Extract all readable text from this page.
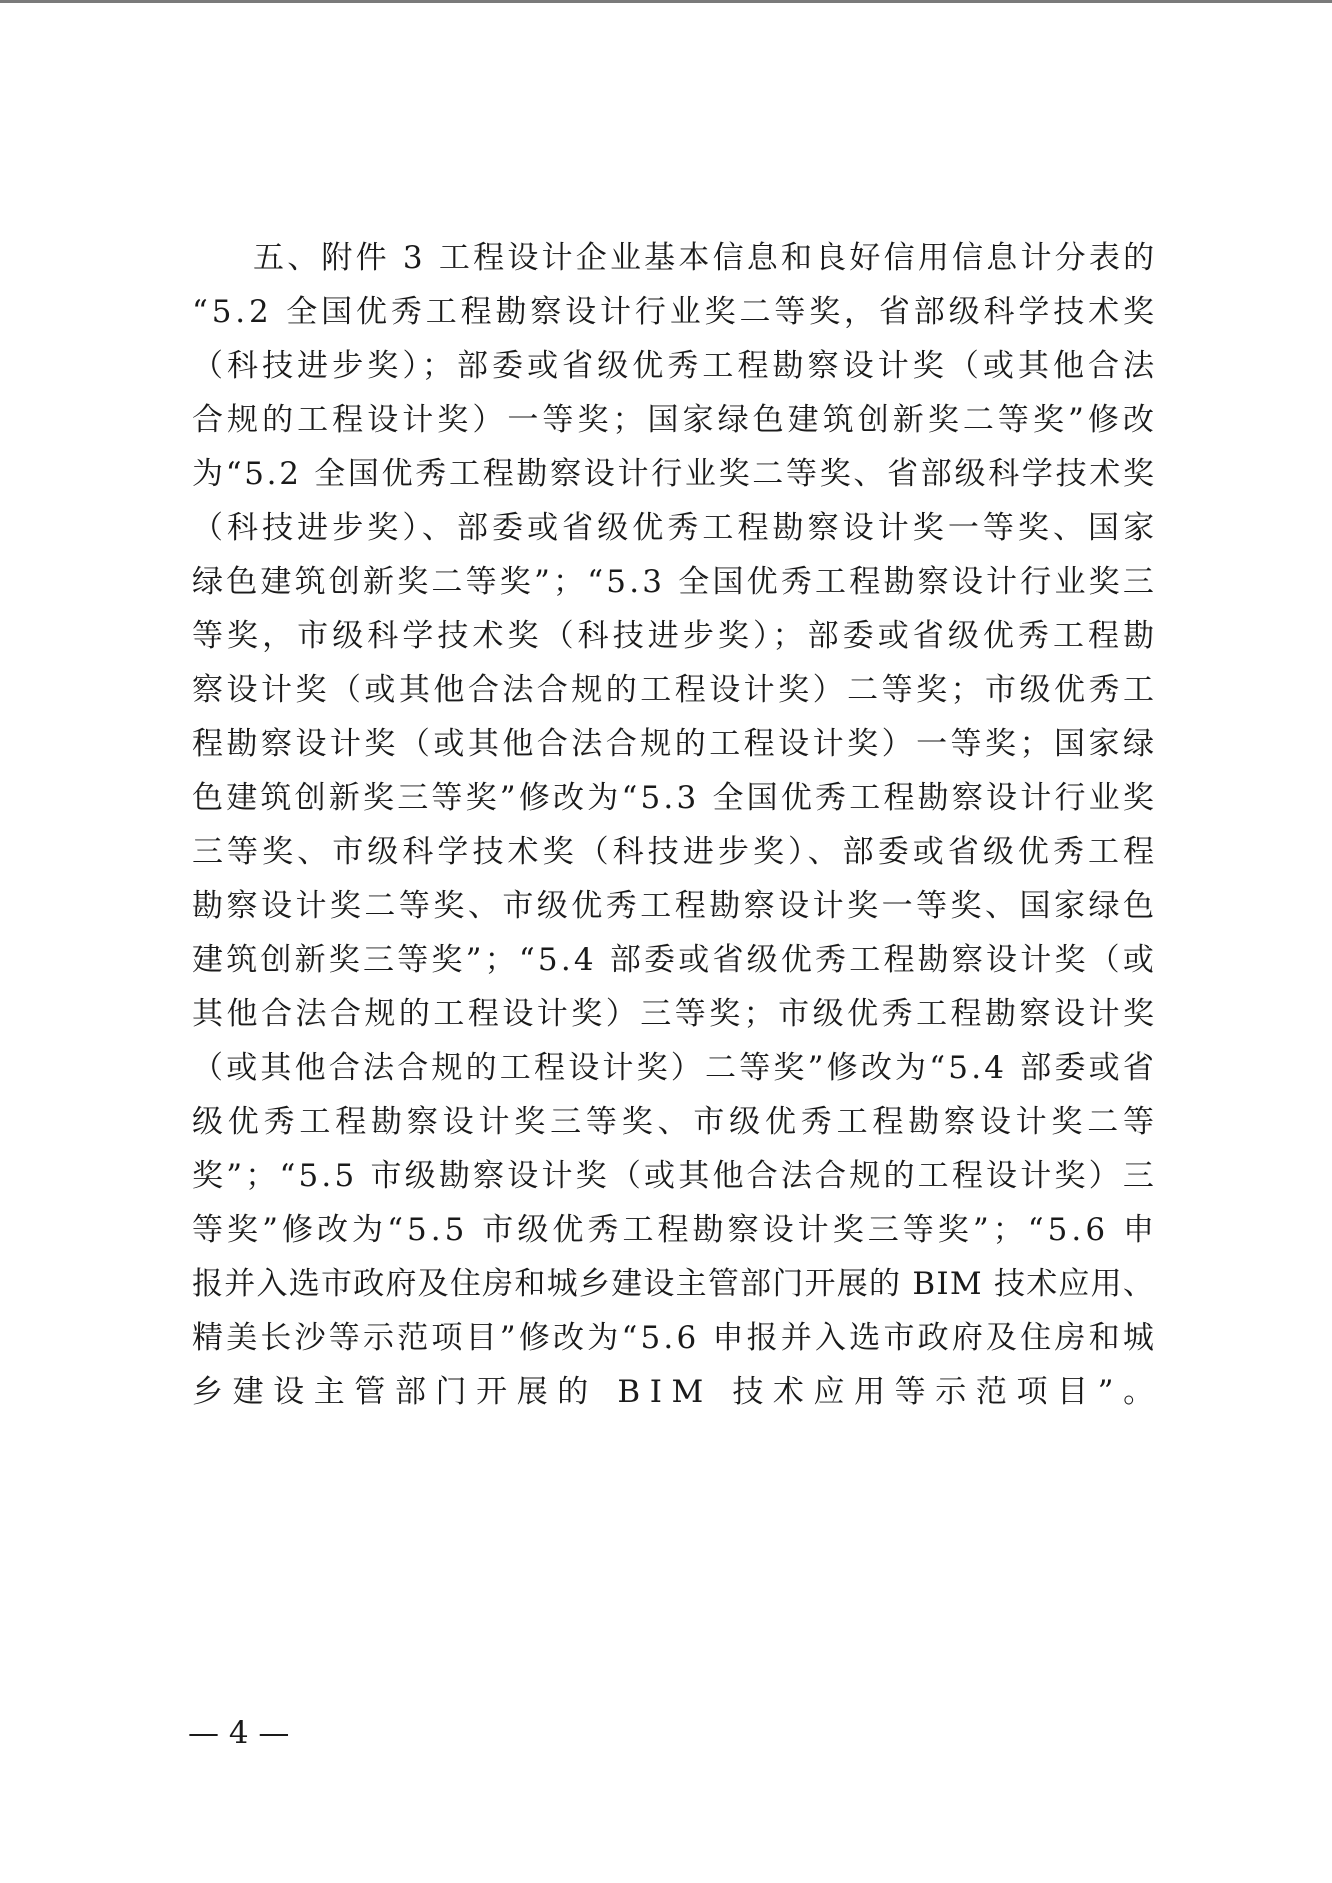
五、附件 3 工程设计企业基本信息和良好信用信息计分表的
“5.2 全国优秀工程勘察设计行业奖二等奖，省部级科学技术奖
（科技进步奖）；部委或省级优秀工程勘察设计奖（或其他合法
合规的工程设计奖）一等奖；国家绿色建筑创新奖二等奖”修改
为“5.2 全国优秀工程勘察设计行业奖二等奖、省部级科学技术奖
（科技进步奖）、部委或省级优秀工程勘察设计奖一等奖、国家
绿色建筑创新奖二等奖”；“5.3 全国优秀工程勘察设计行业奖三
等奖，市级科学技术奖（科技进步奖）；部委或省级优秀工程勘
察设计奖（或其他合法合规的工程设计奖）二等奖；市级优秀工
程勘察设计奖（或其他合法合规的工程设计奖）一等奖；国家绿
色建筑创新奖三等奖”修改为“5.3 全国优秀工程勘察设计行业奖
三等奖、市级科学技术奖（科技进步奖）、部委或省级优秀工程
勘察设计奖二等奖、市级优秀工程勘察设计奖一等奖、国家绿色
建筑创新奖三等奖”；“5.4 部委或省级优秀工程勘察设计奖（或
其他合法合规的工程设计奖）三等奖；市级优秀工程勘察设计奖
（或其他合法合规的工程设计奖）二等奖”修改为“5.4 部委或省
级优秀工程勘察设计奖三等奖、市级优秀工程勘察设计奖二等
奖”；“5.5 市级勘察设计奖（或其他合法合规的工程设计奖）三
等奖”修改为“5.5 市级优秀工程勘察设计奖三等奖”；“5.6 申
报并入选市政府及住房和城乡建设主管部门开展的 BIM 技术应用、
精美长沙等示范项目”修改为“5.6 申报并入选市政府及住房和城
乡建设主管部门开展的 BIM 技术应用等示范项目”。
— 4 —
